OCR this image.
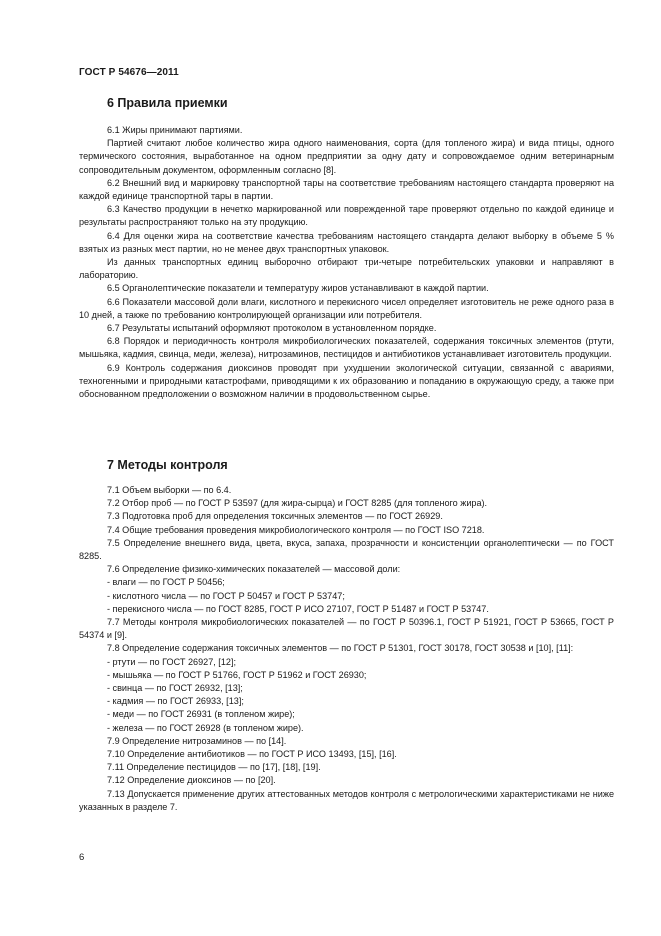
ГОСТ Р 54676—2011
6 Правила приемки

6.1 Жиры принимают партиями.

Партией считают любое количество жира одного наименования, сорта (для топленого жира) и вида птицы, одного термического состояния, выработанное на одном предприятии за одну дату и сопровождаемое одним ветеринарным сопроводительным документом, оформленным согласно [8].

6.2 Внешний вид и маркировку транспортной тары на соответствие требованиям настоящего стандарта проверяют на каждой единице транспортной тары в партии.

6.3 Качество продукции в нечетко маркированной или поврежденной таре проверяют отдельно по каждой единице и результаты распространяют только на эту продукцию.

6.4 Для оценки жира на соответствие качества требованиям настоящего стандарта делают выборку в объеме 5 % взятых из разных мест партии, но не менее двух транспортных упаковок.

Из данных транспортных единиц выборочно отбирают три-четыре потребительских упаковки и направляют в лабораторию.

6.5 Органолептические показатели и температуру жиров устанавливают в каждой партии.

6.6 Показатели массовой доли влаги, кислотного и перекисного чисел определяет изготовитель не реже одного раза в 10 дней, а также по требованию контролирующей организации или потребителя.

6.7 Результаты испытаний оформляют протоколом в установленном порядке.

6.8 Порядок и периодичность контроля микробиологических показателей, содержания токсичных элементов (ртути, мышьяка, кадмия, свинца, меди, железа), нитрозаминов, пестицидов и антибиотиков устанавливает изготовитель продукции.

6.9 Контроль содержания диоксинов проводят при ухудшении экологической ситуации, связанной с авариями, техногенными и природными катастрофами, приводящими к их образованию и попаданию в окружающую среду, а также при обоснованном предположении о возможном наличии в продовольственном сырье.

7 Методы контроля

7.1 Объем выборки — по 6.4.

7.2 Отбор проб — по ГОСТ Р 53597 (для жира-сырца) и ГОСТ 8285 (для топленого жира).

7.3 Подготовка проб для определения токсичных элементов — по ГОСТ 26929.

7.4 Общие требования проведения микробиологического контроля — по ГОСТ ISO 7218.

7.5 Определение внешнего вида, цвета, вкуса, запаха, прозрачности и консистенции органолептически — по ГОСТ 8285.

7.6 Определение физико-химических показателей — массовой доли:

- влаги — по ГОСТ Р 50456;

- кислотного числа — по ГОСТ Р 50457 и ГОСТ Р 53747;

- перекисного числа — по ГОСТ 8285, ГОСТ Р ИСО 27107, ГОСТ Р 51487 и ГОСТ Р 53747.

7.7 Методы контроля микробиологических показателей — по ГОСТ Р 50396.1, ГОСТ Р 51921, ГОСТ Р 53665, ГОСТ Р 54374 и [9].

7.8 Определение содержания токсичных элементов — по ГОСТ Р 51301, ГОСТ 30178, ГОСТ 30538 и [10], [11]:

- ртути — по ГОСТ 26927, [12];

- мышьяка — по ГОСТ Р 51766, ГОСТ Р 51962 и ГОСТ 26930;

- свинца — по ГОСТ 26932, [13];

- кадмия — по ГОСТ 26933, [13];

- меди — по ГОСТ 26931 (в топленом жире);

- железа — по ГОСТ 26928 (в топленом жире).

7.9 Определение нитрозаминов — по [14].

7.10 Определение антибиотиков — по ГОСТ Р ИСО 13493, [15], [16].

7.11 Определение пестицидов — по [17], [18], [19].

7.12 Определение диоксинов — по [20].

7.13 Допускается применение других аттестованных методов контроля с метрологическими характеристиками не ниже указанных в разделе 7.

6
